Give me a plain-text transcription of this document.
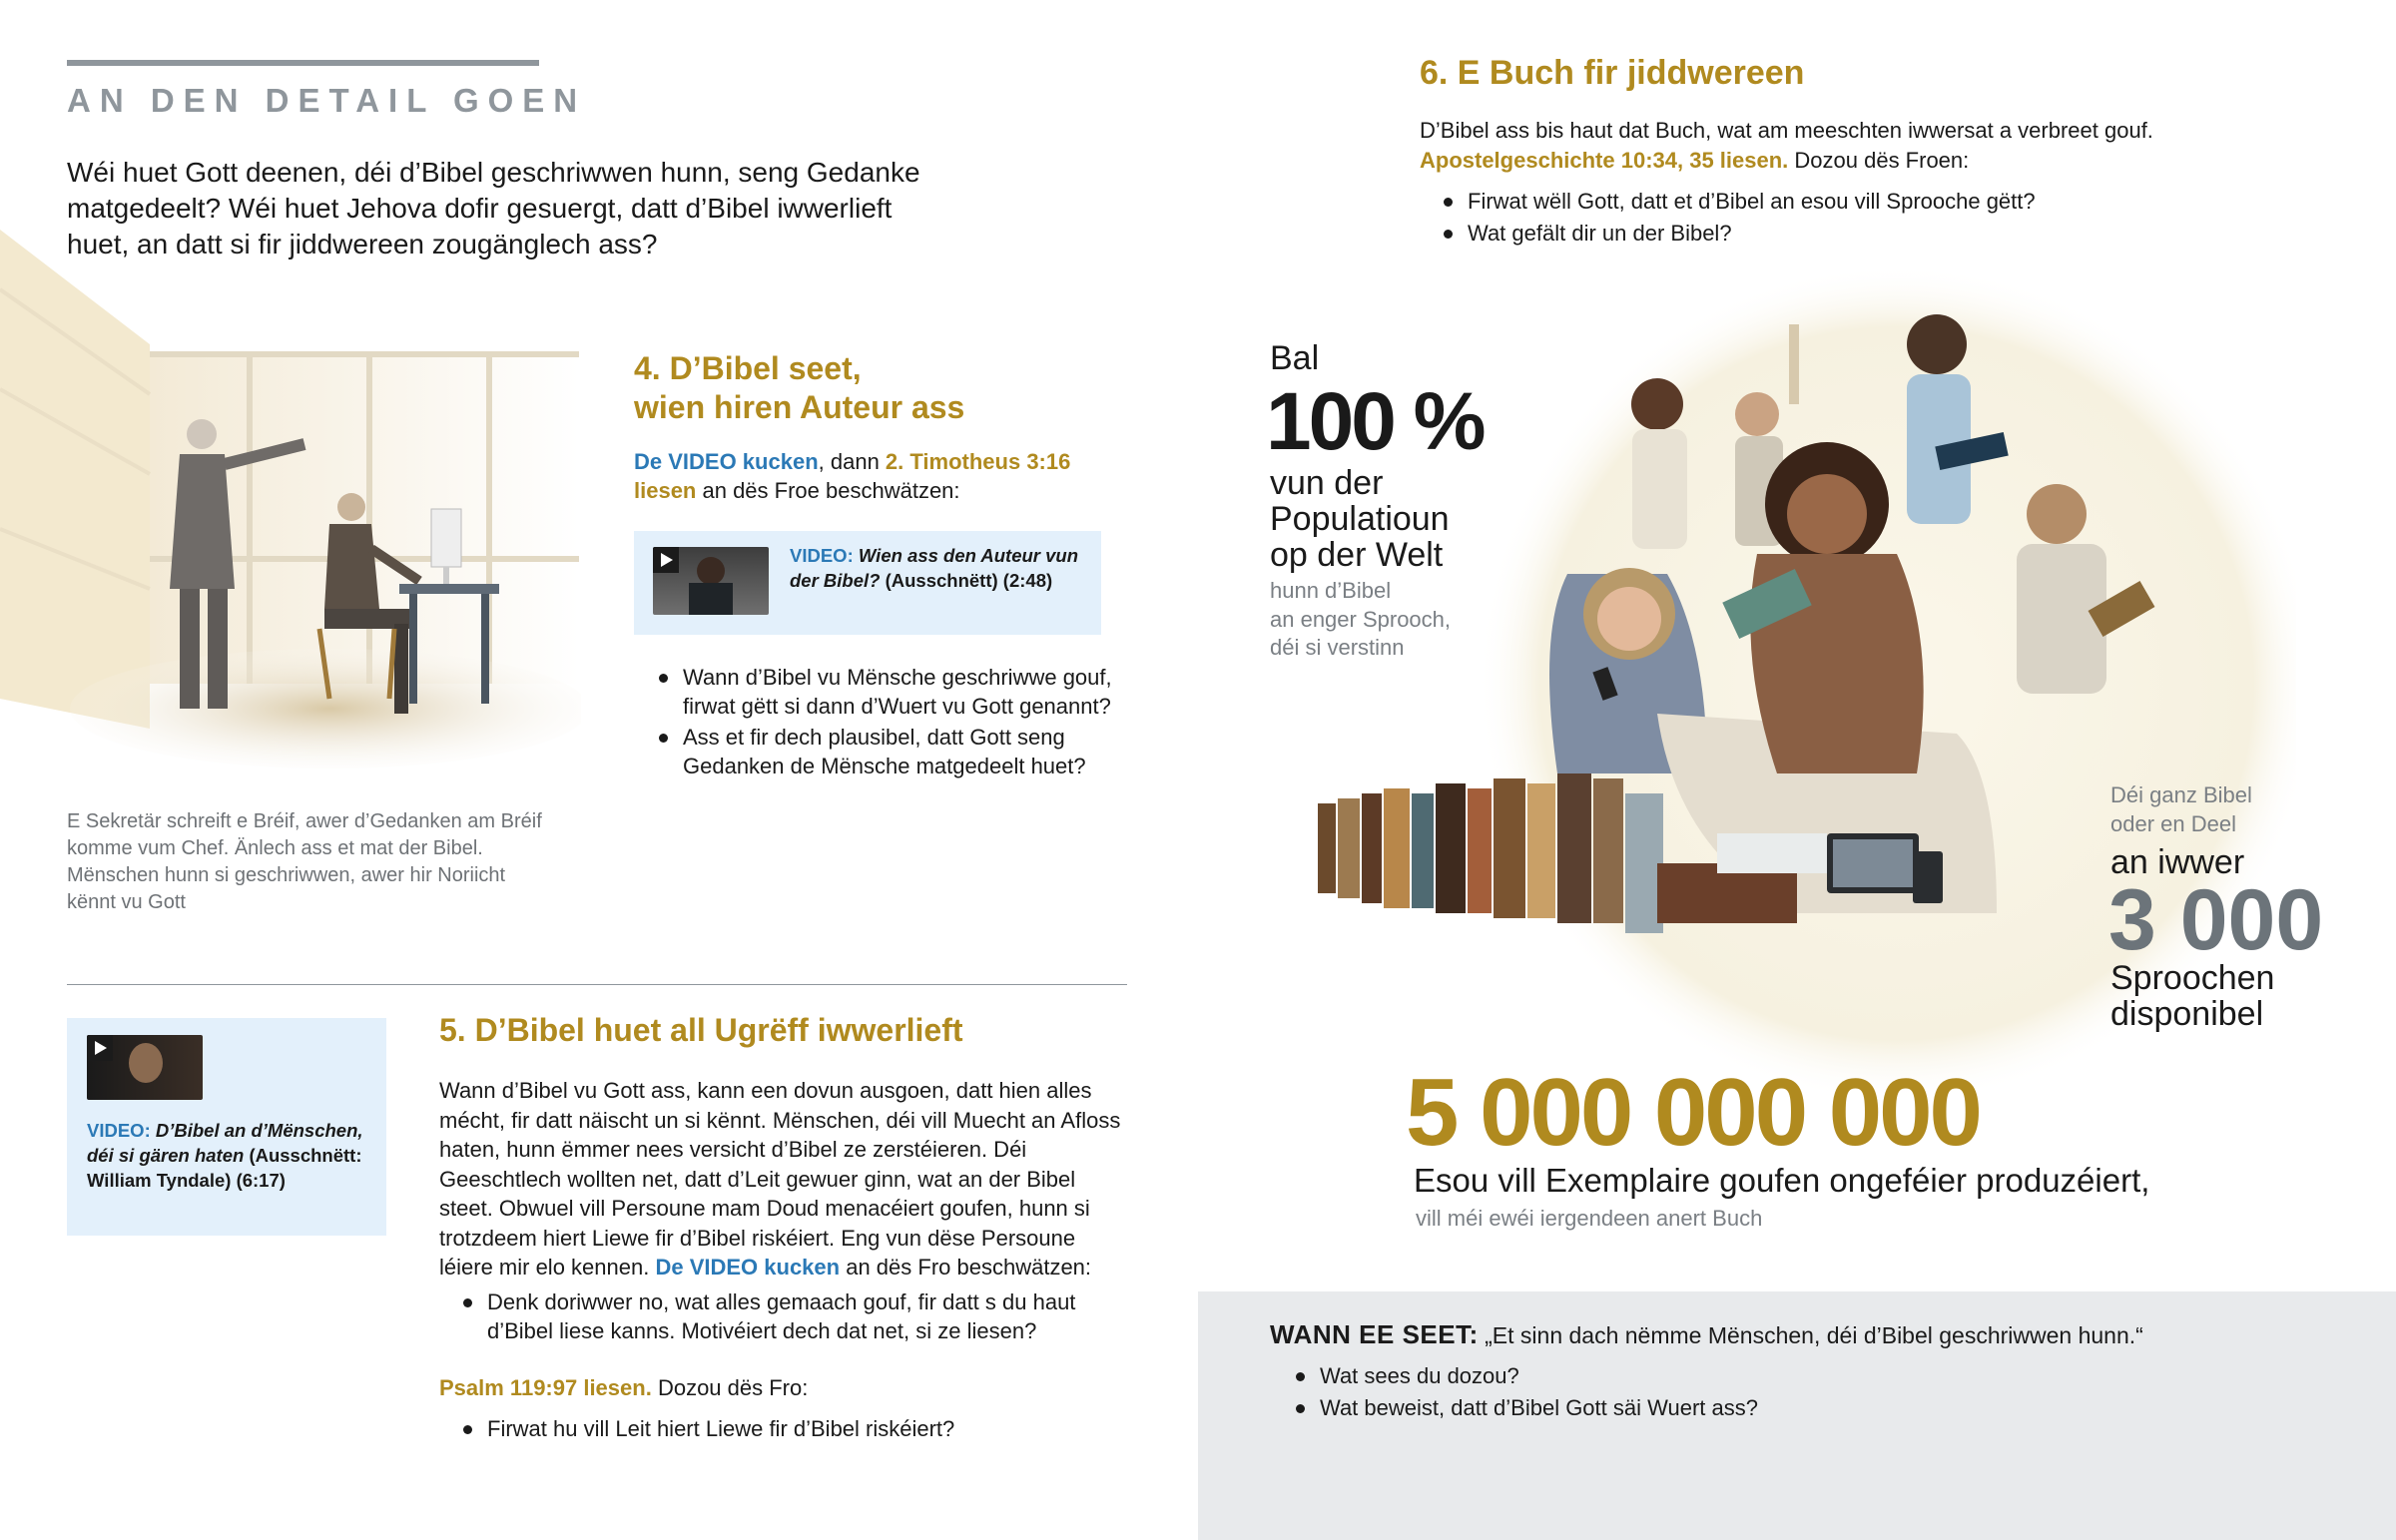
AN DEN DETAIL GOEN
Wéi huet Gott deenen, déi d’Bibel geschriwwen hunn, seng Gedanke matgedeelt? Wéi huet Jehova dofir gesuergt, datt d’Bibel iwwerlieft huet, an datt si fir jiddwereen zougänglech ass?
E Sekretär schreift e Bréif, awer d’Gedanken am Bréif komme vum Chef. Änlech ass et mat der Bibel. Mënschen hunn si geschriwwen, awer hir Noriicht kënnt vu Gott
4. D’Bibel seet,
wien hiren Auteur ass
De VIDEO kucken, dann 2. Timotheus 3:16 liesen an dës Froe beschwätzen:
VIDEO: Wien ass den Auteur vun der Bibel? (Ausschnëtt) (2:48)
Wann d’Bibel vu Mënsche geschriwwe gouf, firwat gëtt si dann d’Wuert vu Gott genannt?
Ass et fir dech plausibel, datt Gott seng Gedanken de Mënsche matgedeelt huet?
VIDEO: D’Bibel an d’Mënschen, déi si gären haten (Ausschnëtt: William Tyndale) (6:17)
5. D’Bibel huet all Ugrëff iwwerlieft
Wann d’Bibel vu Gott ass, kann een dovun ausgoen, datt hien alles mécht, fir datt näischt un si kënnt. Mënschen, déi vill Muecht an Afloss haten, hunn ëmmer nees versicht d’Bibel ze zerstéieren. Déi Geeschtlech wollten net, datt d’Leit gewuer ginn, wat an der Bibel steet. Obwuel vill Persoune mam Doud menacéiert goufen, hunn si trotzdeem hiert Liewe fir d’Bibel riskéiert. Eng vun dëse Persoune léiere mir elo kennen. De VIDEO kucken an dës Fro beschwätzen:
Denk doriwwer no, wat alles gemaach gouf, fir datt s du haut d’Bibel liese kanns. Motivéiert dech dat net, si ze liesen?
Psalm 119:97 liesen. Dozou dës Fro:
Firwat hu vill Leit hiert Liewe fir d’Bibel riskéiert?
6. E Buch fir jiddwereen
D’Bibel ass bis haut dat Buch, wat am meeschten iwwersat a verbreet gouf.
Apostelgeschichte 10:34, 35 liesen. Dozou dës Froen:
Firwat wëll Gott, datt et d’Bibel an esou vill Sprooche gëtt?
Wat gefält dir un der Bibel?
Bal
100 %
vun der
Populatioun
op der Welt
hunn d’Bibel
an enger Sprooch,
déi si verstinn
Déi ganz Bibel
oder en Deel
an iwwer
3 000
Sproochen
disponibel
5 000 000 000
Esou vill Exemplaire goufen ongeféier produzéiert,
vill méi ewéi iergendeen anert Buch
WANN EE SEET: „Et sinn dach nëmme Mënschen, déi d’Bibel geschriwwen hunn.“
Wat sees du dozou?
Wat beweist, datt d’Bibel Gott säi Wuert ass?
